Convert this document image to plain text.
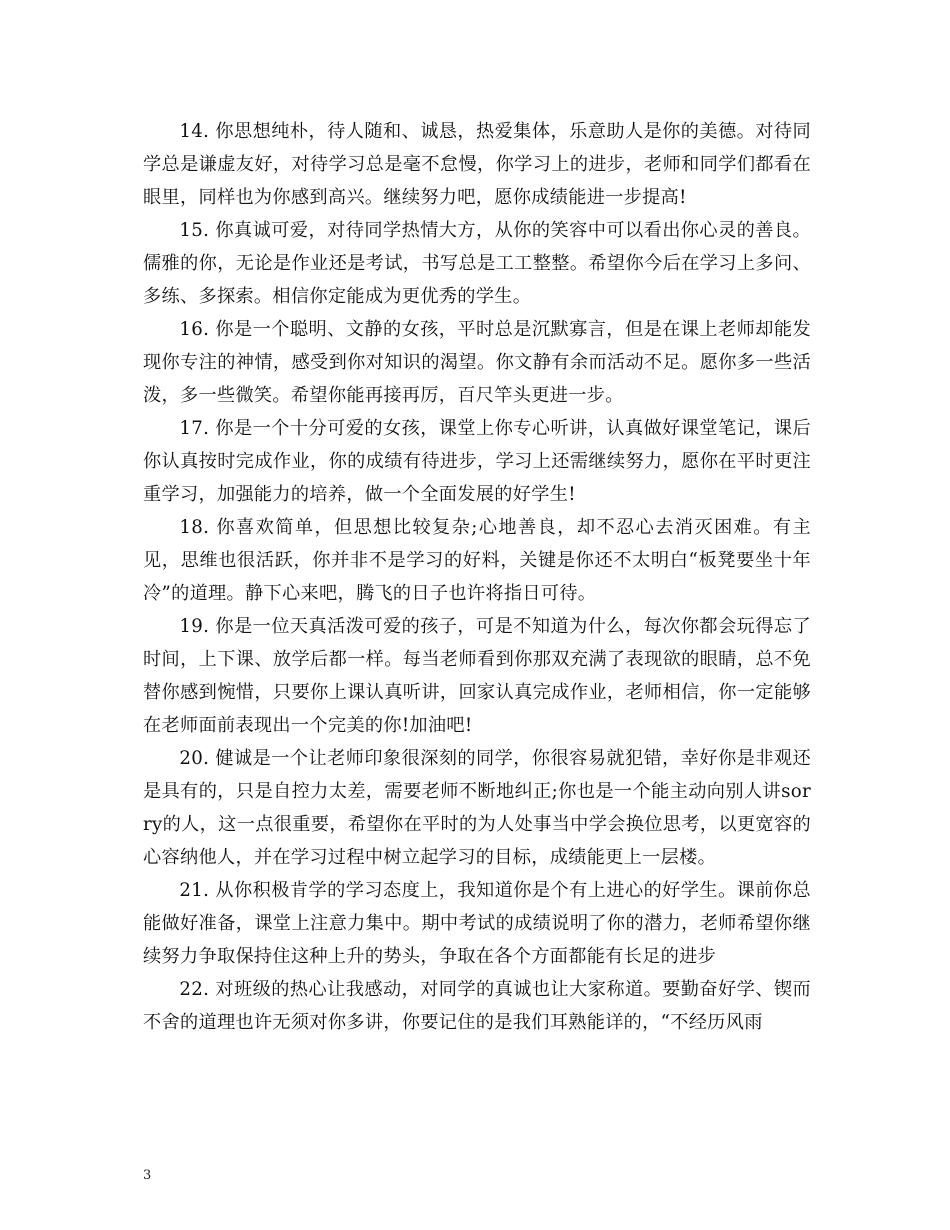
14. 你思想纯朴，待人随和、诚恳，热爱集体，乐意助人是你的美德。对待同学总是谦虚友好，对待学习总是毫不怠慢，你学习上的进步，老师和同学们都看在眼里，同样也为你感到高兴。继续努力吧，愿你成绩能进一步提高!

15. 你真诚可爱，对待同学热情大方，从你的笑容中可以看出你心灵的善良。儒雅的你，无论是作业还是考试，书写总是工工整整。希望你今后在学习上多问、多练、多探索。相信你定能成为更优秀的学生。

16. 你是一个聪明、文静的女孩，平时总是沉默寡言，但是在课上老师却能发现你专注的神情，感受到你对知识的渴望。你文静有余而活动不足。愿你多一些活泼，多一些微笑。希望你能再接再厉，百尺竿头更进一步。

17. 你是一个十分可爱的女孩，课堂上你专心听讲，认真做好课堂笔记，课后你认真按时完成作业，你的成绩有待进步，学习上还需继续努力，愿你在平时更注重学习，加强能力的培养，做一个全面发展的好学生!

18. 你喜欢简单，但思想比较复杂;心地善良，却不忍心去消灭困难。有主见，思维也很活跃，你并非不是学习的好料，关键是你还不太明白“板凳要坐十年冷”的道理。静下心来吧，腾飞的日子也许将指日可待。

19. 你是一位天真活泼可爱的孩子，可是不知道为什么，每次你都会玩得忘了时间，上下课、放学后都一样。每当老师看到你那双充满了表现欲的眼睛，总不免替你感到惋惜，只要你上课认真听讲，回家认真完成作业，老师相信，你一定能够在老师面前表现出一个完美的你!加油吧!

20. 健诚是一个让老师印象很深刻的同学，你很容易就犯错，幸好你是非观还是具有的，只是自控力太差，需要老师不断地纠正;你也是一个能主动向别人讲sorry的人，这一点很重要，希望你在平时的为人处事当中学会换位思考，以更宽容的心容纳他人，并在学习过程中树立起学习的目标，成绩能更上一层楼。

21. 从你积极肯学的学习态度上，我知道你是个有上进心的好学生。课前你总能做好准备，课堂上注意力集中。期中考试的成绩说明了你的潜力，老师希望你继续努力争取保持住这种上升的势头，争取在各个方面都能有长足的进步

22. 对班级的热心让我感动，对同学的真诚也让大家称道。要勤奋好学、锲而不舍的道理也许无须对你多讲，你要记住的是我们耳熟能详的，“不经历风雨

3
